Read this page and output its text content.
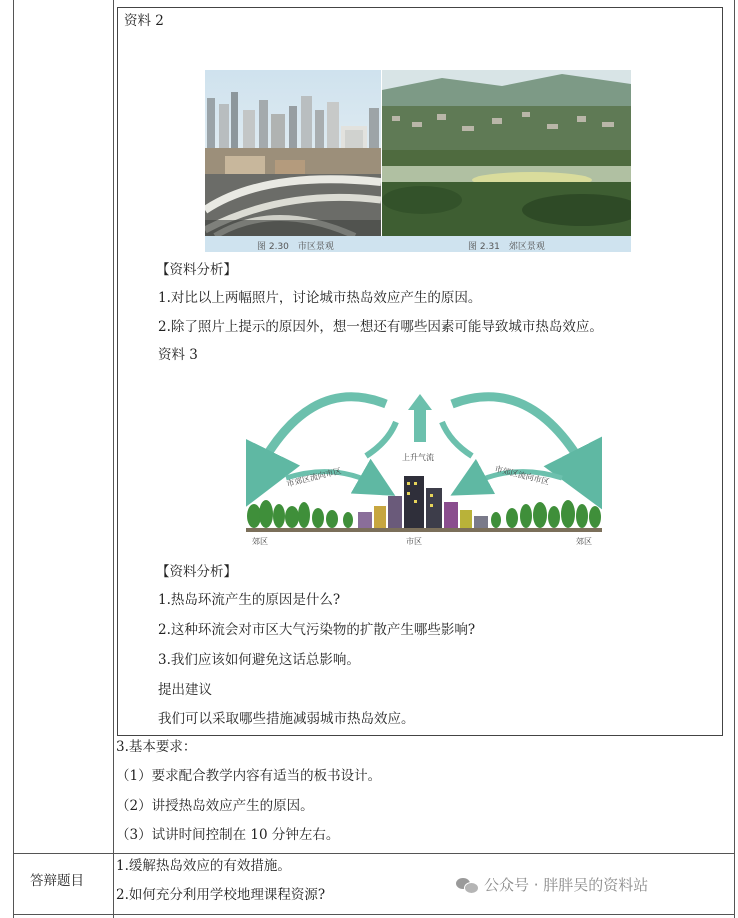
资料 2
图 2.30　市区景观	图 2.31　郊区景观
【资料分析】
1.对比以上两幅照片，讨论城市热岛效应产生的原因。
2.除了照片上提示的原因外，想一想还有哪些因素可能导致城市热岛效应。
资料 3
上升气流
市郊区流向市区	市郊区流向市区
郊区	市区	郊区
【资料分析】
1.热岛环流产生的原因是什么?
2.这种环流会对市区大气污染物的扩散产生哪些影响?
3.我们应该如何避免这话总影响。
提出建议
我们可以采取哪些措施减弱城市热岛效应。
3.基本要求：
（1）要求配合教学内容有适当的板书设计。
（2）讲授热岛效应产生的原因。
（3）试讲时间控制在 10 分钟左右。
答辩题目
1.缓解热岛效应的有效措施。
2.如何充分利用学校地理课程资源?
公众号 · 胖胖吴的资料站
